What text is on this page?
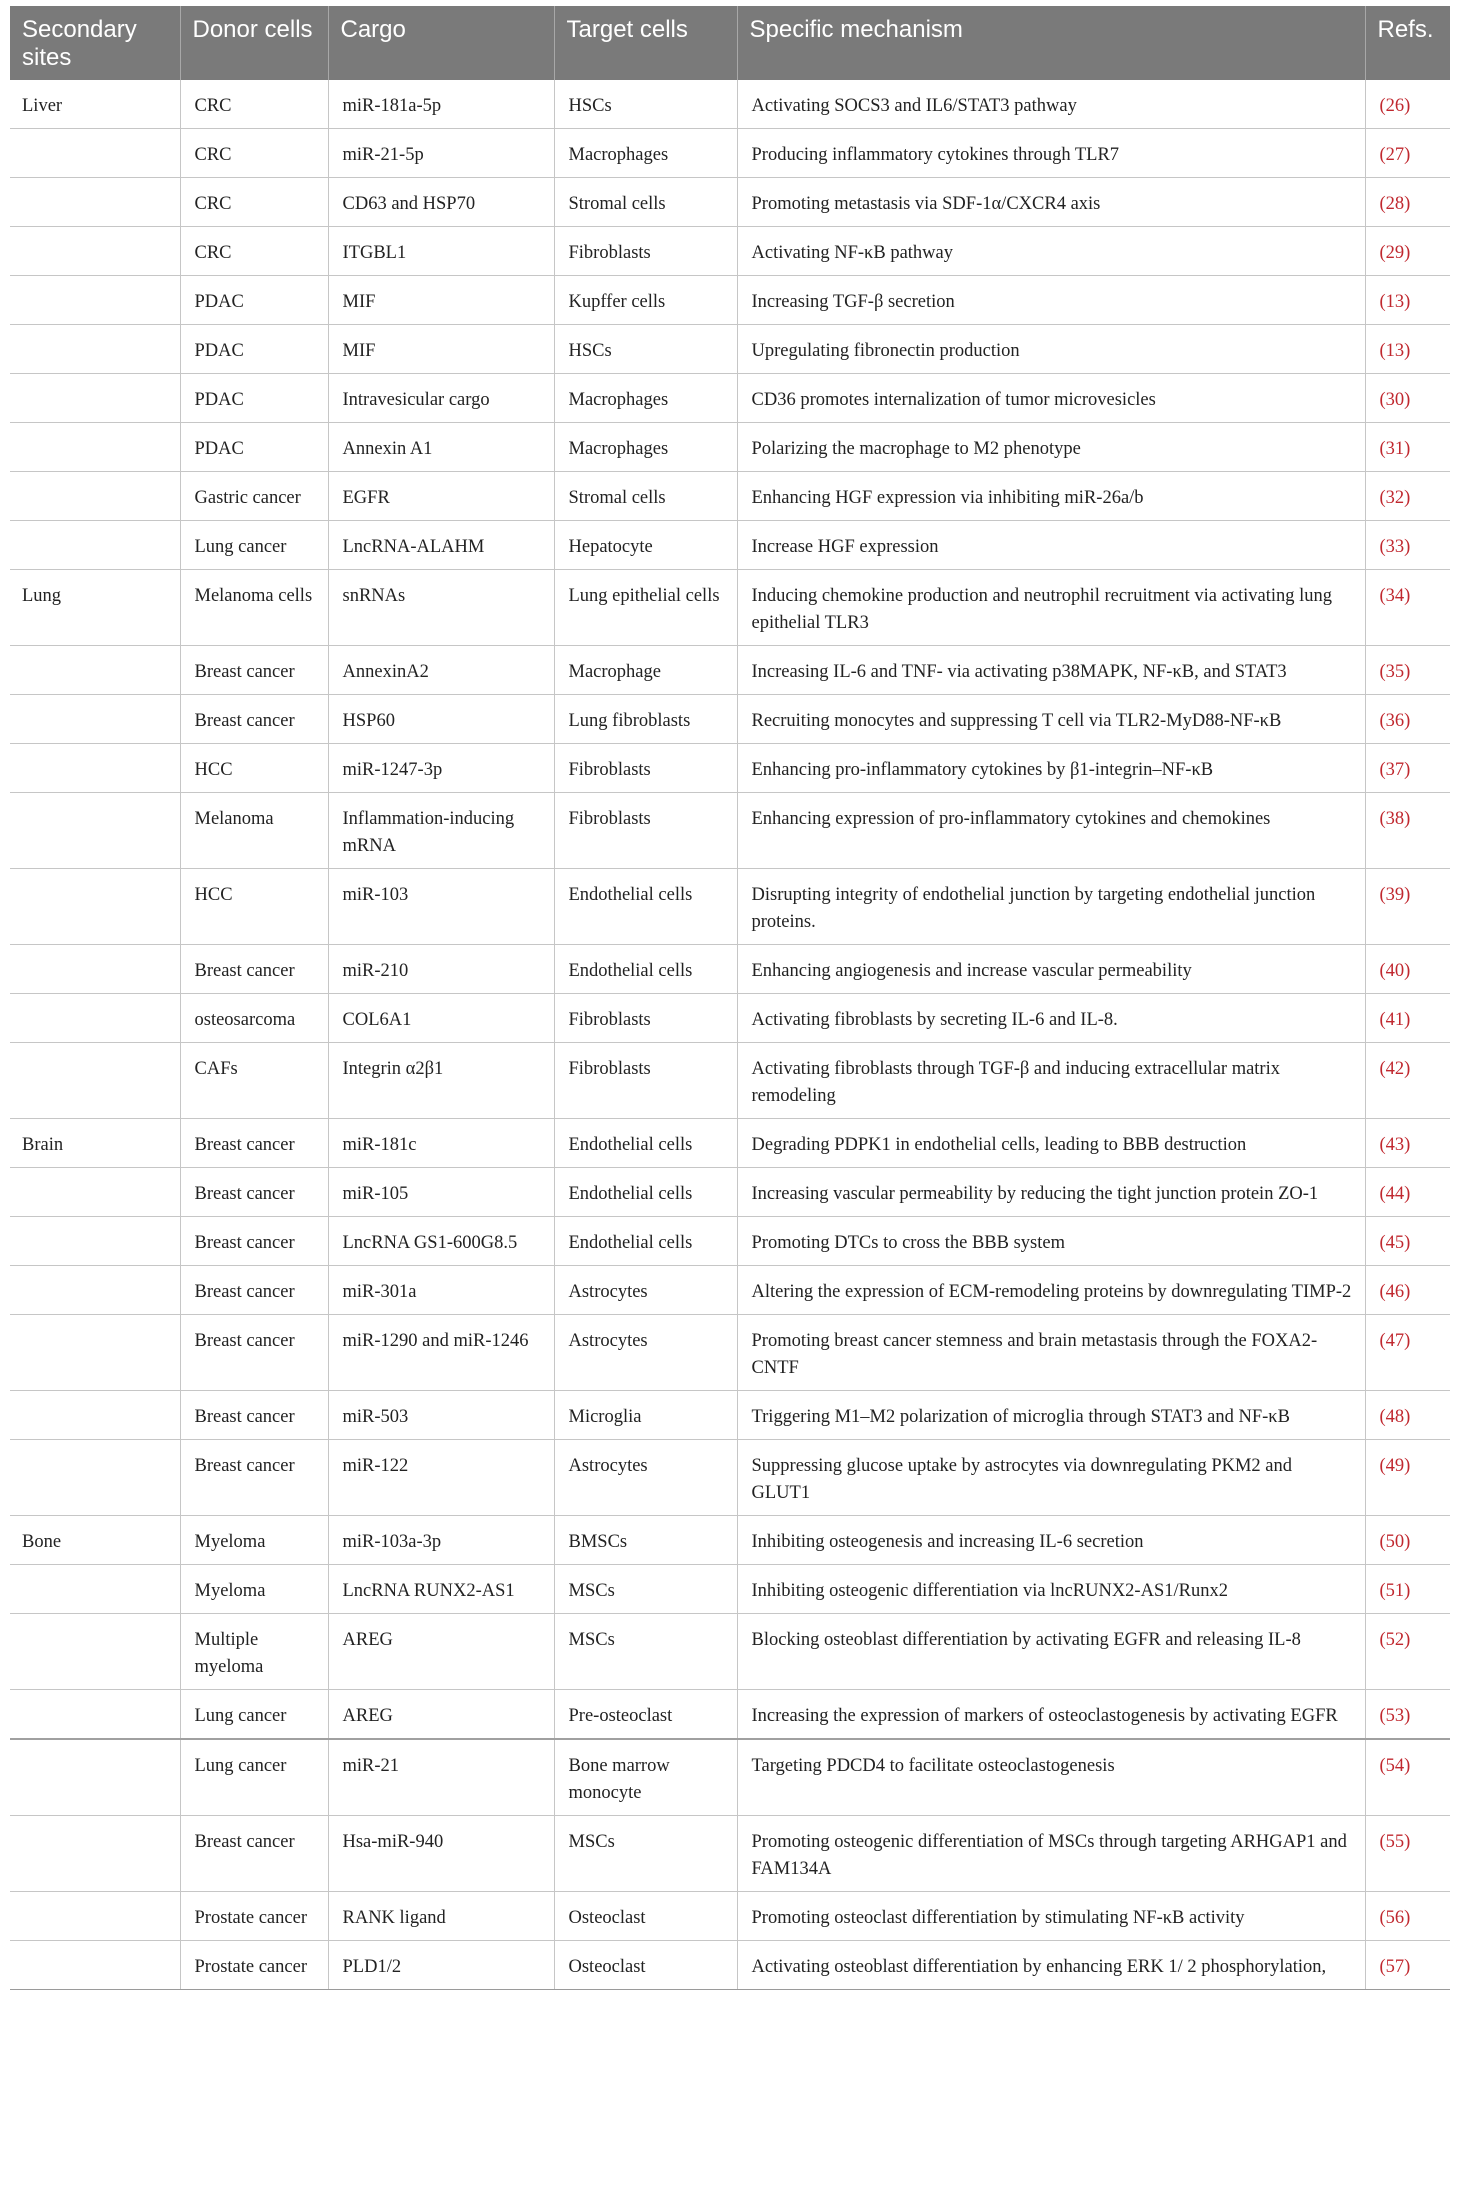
Secondary sites	Donor cells	Cargo	Target cells	Specific mechanism	Refs.
Liver	CRC	miR-181a-5p	HSCs	Activating SOCS3 and IL6/STAT3 pathway	(26)
	CRC	miR-21-5p	Macrophages	Producing inflammatory cytokines through TLR7	(27)
	CRC	CD63 and HSP70	Stromal cells	Promoting metastasis via SDF-1α/CXCR4 axis	(28)
	CRC	ITGBL1	Fibroblasts	Activating NF-κB pathway	(29)
	PDAC	MIF	Kupffer cells	Increasing TGF-β secretion	(13)
	PDAC	MIF	HSCs	Upregulating fibronectin production	(13)
	PDAC	Intravesicular cargo	Macrophages	CD36 promotes internalization of tumor microvesicles	(30)
	PDAC	Annexin A1	Macrophages	Polarizing the macrophage to M2 phenotype	(31)
	Gastric cancer	EGFR	Stromal cells	Enhancing HGF expression via inhibiting miR-26a/b	(32)
	Lung cancer	LncRNA-ALAHM	Hepatocyte	Increase HGF expression	(33)
Lung	Melanoma cells	snRNAs	Lung epithelial cells	Inducing chemokine production and neutrophil recruitment via activating lung epithelial TLR3	(34)
	Breast cancer	AnnexinA2	Macrophage	Increasing IL-6 and TNF- via activating p38MAPK, NF-κB, and STAT3	(35)
	Breast cancer	HSP60	Lung fibroblasts	Recruiting monocytes and suppressing T cell via TLR2-MyD88-NF-κB	(36)
	HCC	miR-1247-3p	Fibroblasts	Enhancing pro-inflammatory cytokines by β1-integrin–NF-κB	(37)
	Melanoma	Inflammation-inducing mRNA	Fibroblasts	Enhancing expression of pro-inflammatory cytokines and chemokines	(38)
	HCC	miR-103	Endothelial cells	Disrupting integrity of endothelial junction by targeting endothelial junction proteins.	(39)
	Breast cancer	miR-210	Endothelial cells	Enhancing angiogenesis and increase vascular permeability	(40)
	osteosarcoma	COL6A1	Fibroblasts	Activating fibroblasts by secreting IL-6 and IL-8.	(41)
	CAFs	Integrin α2β1	Fibroblasts	Activating fibroblasts through TGF-β and inducing extracellular matrix remodeling	(42)
Brain	Breast cancer	miR-181c	Endothelial cells	Degrading PDPK1 in endothelial cells, leading to BBB destruction	(43)
	Breast cancer	miR-105	Endothelial cells	Increasing vascular permeability by reducing the tight junction protein ZO-1	(44)
	Breast cancer	LncRNA GS1-600G8.5	Endothelial cells	Promoting DTCs to cross the BBB system	(45)
	Breast cancer	miR-301a	Astrocytes	Altering the expression of ECM-remodeling proteins by downregulating TIMP-2	(46)
	Breast cancer	miR-1290 and miR-1246	Astrocytes	Promoting breast cancer stemness and brain metastasis through the FOXA2-CNTF	(47)
	Breast cancer	miR-503	Microglia	Triggering M1–M2 polarization of microglia through STAT3 and NF-κB	(48)
	Breast cancer	miR-122	Astrocytes	Suppressing glucose uptake by astrocytes via downregulating PKM2 and GLUT1	(49)
Bone	Myeloma	miR-103a-3p	BMSCs	Inhibiting osteogenesis and increasing IL-6 secretion	(50)
	Myeloma	LncRNA RUNX2-AS1	MSCs	Inhibiting osteogenic differentiation via lncRUNX2-AS1/Runx2	(51)
	Multiple myeloma	AREG	MSCs	Blocking osteoblast differentiation by activating EGFR and releasing IL-8	(52)
	Lung cancer	AREG	Pre-osteoclast	Increasing the expression of markers of osteoclastogenesis by activating EGFR	(53)
	Lung cancer	miR-21	Bone marrow monocyte	Targeting PDCD4 to facilitate osteoclastogenesis	(54)
	Breast cancer	Hsa-miR-940	MSCs	Promoting osteogenic differentiation of MSCs through targeting ARHGAP1 and FAM134A	(55)
	Prostate cancer	RANK ligand	Osteoclast	Promoting osteoclast differentiation by stimulating NF-κB activity	(56)
	Prostate cancer	PLD1/2	Osteoclast	Activating osteoblast differentiation by enhancing ERK 1/ 2 phosphorylation,	(57)
